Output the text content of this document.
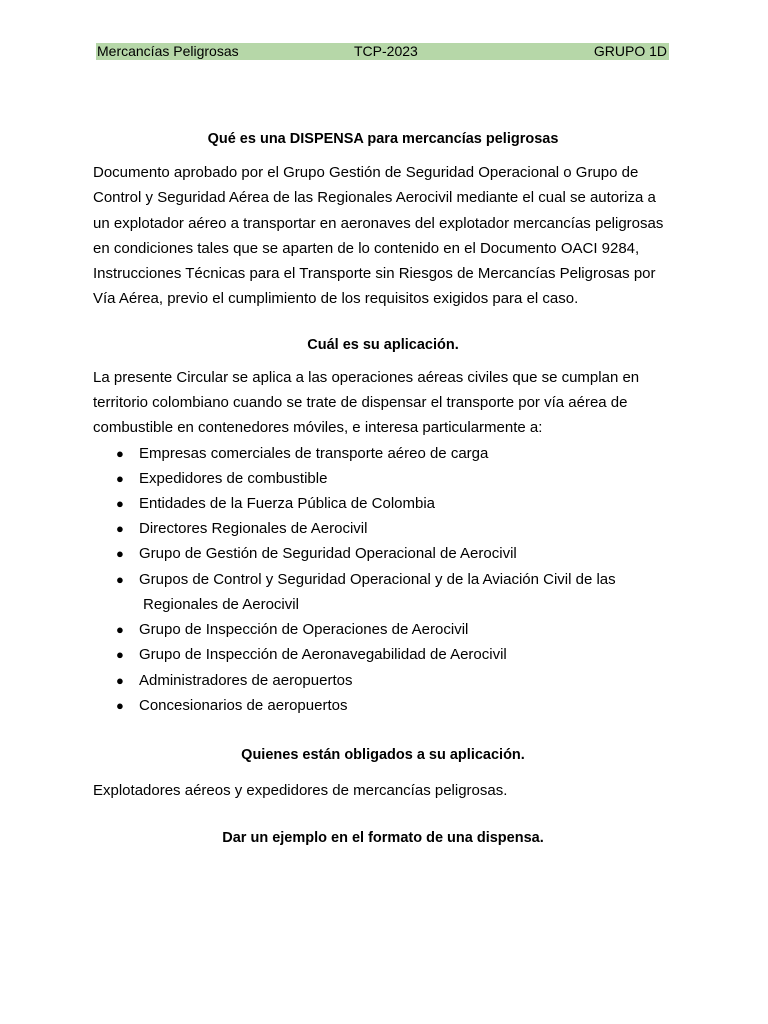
Mercancías Peligrosas	TCP-2023	GRUPO 1D

Qué es una DISPENSA para mercancías peligrosas

Documento aprobado por el Grupo Gestión de Seguridad Operacional o Grupo de Control y Seguridad Aérea de las Regionales Aerocivil mediante el cual se autoriza a un explotador aéreo a transportar en aeronaves del explotador mercancías peligrosas en condiciones tales que se aparten de lo contenido en el Documento OACI 9284, Instrucciones Técnicas para el Transporte sin Riesgos de Mercancías Peligrosas por Vía Aérea, previo el cumplimiento de los requisitos exigidos para el caso.

Cuál es su aplicación.

La presente Circular se aplica a las operaciones aéreas civiles que se cumplan en territorio colombiano cuando se trate de dispensar el transporte por vía aérea de combustible en contenedores móviles, e interesa particularmente a:

● Empresas comerciales de transporte aéreo de carga
● Expedidores de combustible
● Entidades de la Fuerza Pública de Colombia
● Directores Regionales de Aerocivil
● Grupo de Gestión de Seguridad Operacional de Aerocivil
● Grupos de Control y Seguridad Operacional y de la Aviación Civil de las Regionales de Aerocivil
● Grupo de Inspección de Operaciones de Aerocivil
● Grupo de Inspección de Aeronavegabilidad de Aerocivil
● Administradores de aeropuertos
● Concesionarios de aeropuertos

Quienes están obligados a su aplicación.

Explotadores aéreos y expedidores de mercancías peligrosas.

Dar un ejemplo en el formato de una dispensa.
